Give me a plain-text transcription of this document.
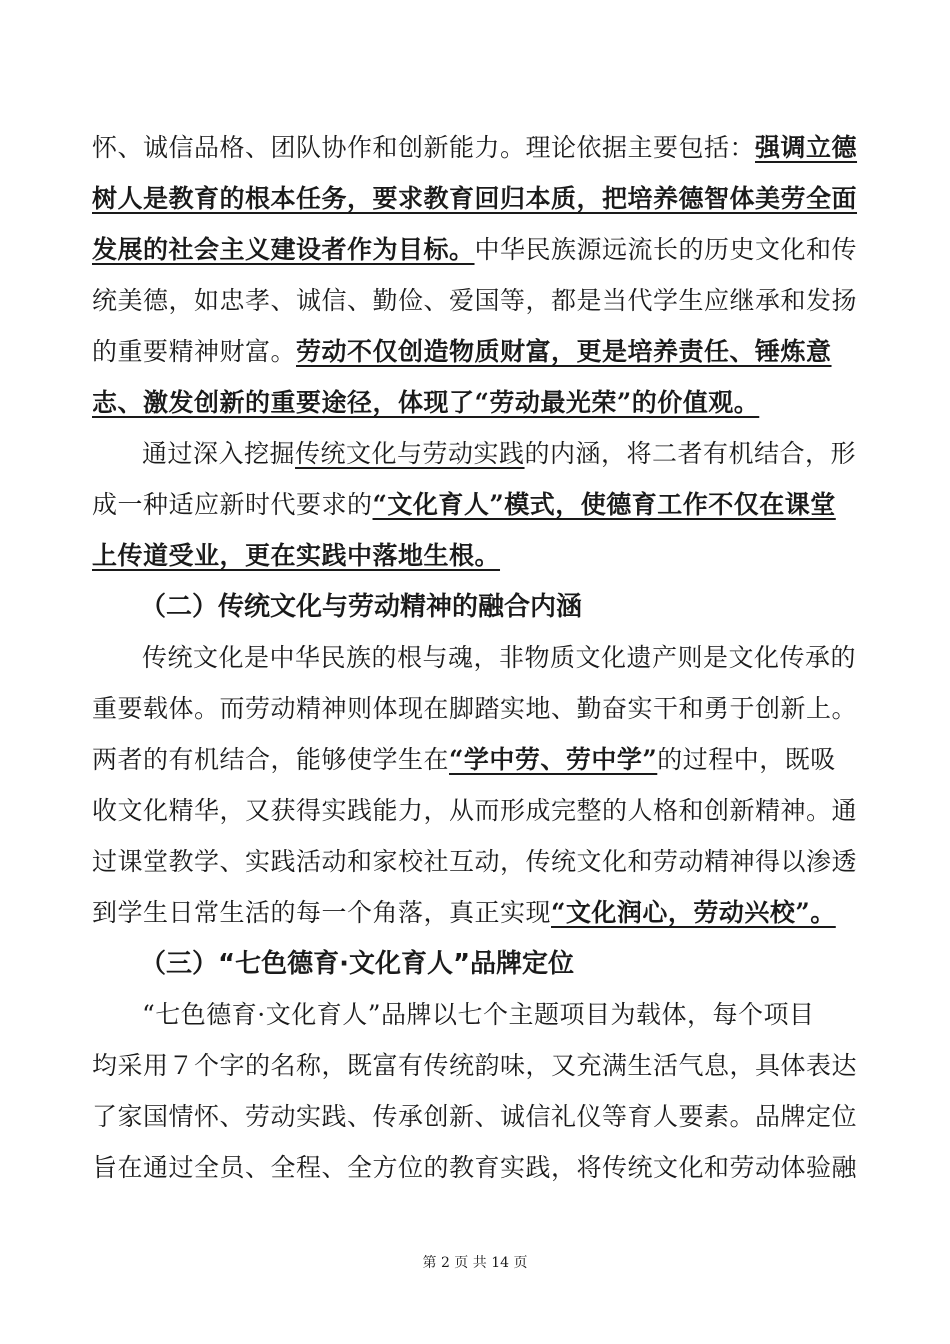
怀、诚信品格、团队协作和创新能力。理论依据主要包括：强调立德
树人是教育的根本任务，要求教育回归本质，把培养德智体美劳全面
发展的社会主义建设者作为目标。中华民族源远流长的历史文化和传
统美德，如忠孝、诚信、勤俭、爱国等，都是当代学生应继承和发扬
的重要精神财富。劳动不仅创造物质财富，更是培养责任、锤炼意
志、激发创新的重要途径，体现了“劳动最光荣”的价值观。
通过深入挖掘传统文化与劳动实践的内涵，将二者有机结合，形
成一种适应新时代要求的“文化育人”模式，使德育工作不仅在课堂
上传道受业，更在实践中落地生根。
（二）传统文化与劳动精神的融合内涵
传统文化是中华民族的根与魂，非物质文化遗产则是文化传承的
重要载体。而劳动精神则体现在脚踏实地、勤奋实干和勇于创新上。
两者的有机结合，能够使学生在“学中劳、劳中学”的过程中，既吸
收文化精华，又获得实践能力，从而形成完整的人格和创新精神。通
过课堂教学、实践活动和家校社互动，传统文化和劳动精神得以渗透
到学生日常生活的每一个角落，真正实现“文化润心，劳动兴校”。
（三）“七色德育·文化育人”品牌定位
“七色德育·文化育人”品牌以七个主题项目为载体，每个项目
均采用７个字的名称，既富有传统韵味，又充满生活气息，具体表达
了家国情怀、劳动实践、传承创新、诚信礼仪等育人要素。品牌定位
旨在通过全员、全程、全方位的教育实践，将传统文化和劳动体验融
第 2 页 共 14 页
